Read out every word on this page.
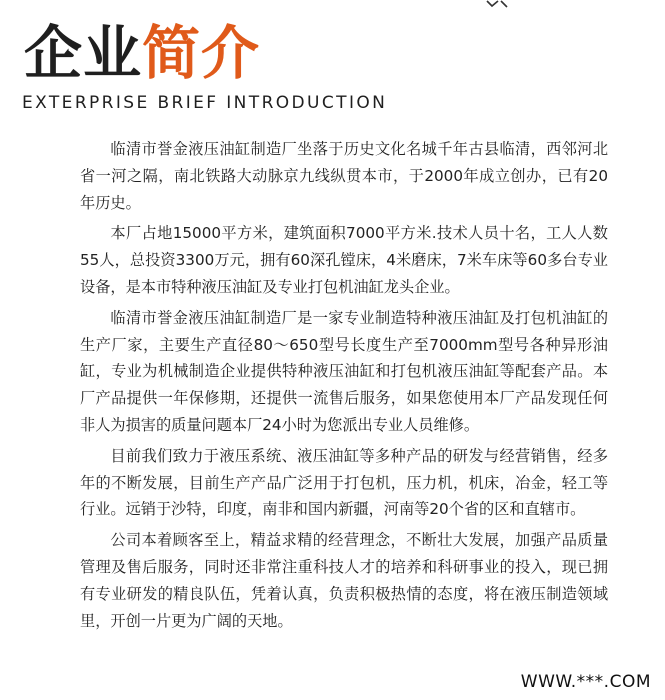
企业简介
EXTERPRISE BRIEF INTRODUCTION

临清市誉金液压油缸制造厂坐落于历史文化名城千年古县临清，西邻河北省一河之隔，南北铁路大动脉京九线纵贯本市，于2000年成立创办，已有20年历史。

本厂占地15000平方米，建筑面积7000平方米.技术人员十名，工人人数55人，总投资3300万元，拥有60深孔镗床，4米磨床，7米车床等60多台专业设备，是本市特种液压油缸及专业打包机油缸龙头企业。

临清市誉金液压油缸制造厂是一家专业制造特种液压油缸及打包机油缸的生产厂家，主要生产直径80～650型号长度生产至7000mm型号各种异形油缸，专业为机械制造企业提供特种液压油缸和打包机液压油缸等配套产品。本厂产品提供一年保修期，还提供一流售后服务，如果您使用本厂产品发现任何非人为损害的质量问题本厂24小时为您派出专业人员维修。

目前我们致力于液压系统、液压油缸等多种产品的研发与经营销售，经多年的不断发展，目前生产产品广泛用于打包机，压力机，机床，冶金，轻工等行业。远销于沙特，印度，南非和国内新疆，河南等20个省的区和直辖市。

公司本着顾客至上，精益求精的经营理念，不断壮大发展，加强产品质量管理及售后服务，同时还非常注重科技人才的培养和科研事业的投入，现已拥有专业研发的精良队伍，凭着认真，负责积极热情的态度，将在液压制造领域里，开创一片更为广阔的天地。

WWW.***.COM
